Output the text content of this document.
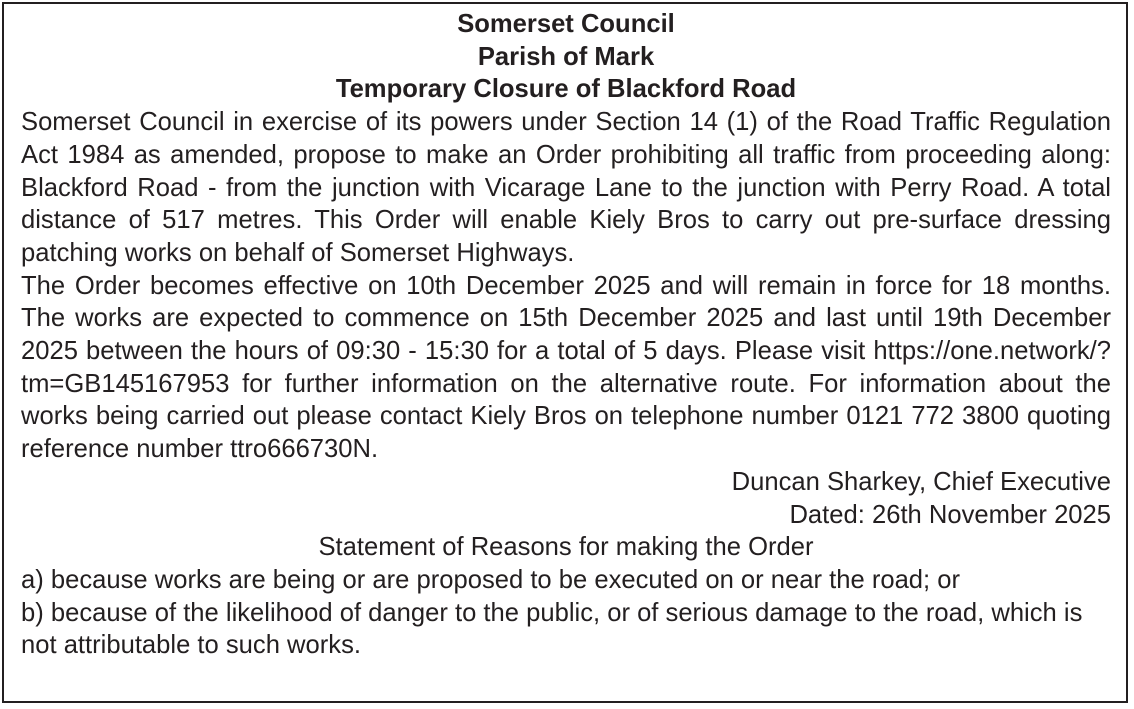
Somerset Council

Parish of Mark

Temporary Closure of Blackford Road

Somerset Council in exercise of its powers under Section 14 (1) of the Road Traffic Regulation Act 1984 as amended, propose to make an Order prohibiting all traffic from proceeding along: Blackford Road - from the junction with Vicarage Lane to the junction with Perry Road. A total distance of 517 metres. This Order will enable Kiely Bros to carry out pre-surface dressing patching works on behalf of Somerset Highways.

The Order becomes effective on 10th December 2025 and will remain in force for 18 months. The works are expected to commence on 15th December 2025 and last until 19th December 2025 between the hours of 09:30 - 15:30 for a total of 5 days. Please visit https://one.network/?tm=GB145167953 for further information on the alternative route. For information about the works being carried out please contact Kiely Bros on telephone number 0121 772 3800 quoting reference number ttro666730N.

Duncan Sharkey, Chief Executive

Dated: 26th November 2025

Statement of Reasons for making the Order

a) because works are being or are proposed to be executed on or near the road; or

b) because of the likelihood of danger to the public, or of serious damage to the road, which is not attributable to such works.
